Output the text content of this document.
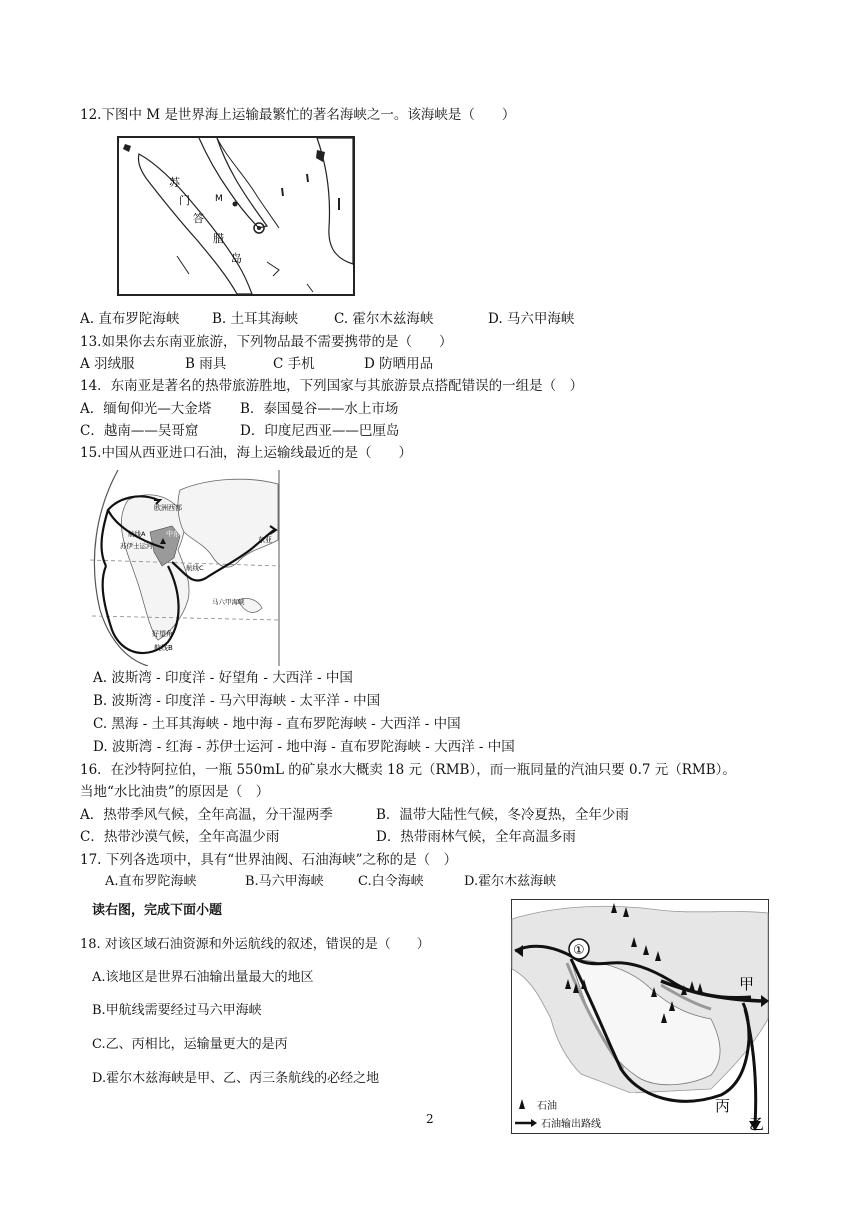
12.下图中 M 是世界海上运输最繁忙的著名海峡之一。该海峡是（　　）
M
苏
门
答
腊
岛
A. 直布罗陀海峡 B. 土耳其海峡	C. 霍尔木兹海峡	D. 马六甲海峡
13.如果你去东南亚旅游，下列物品最不需要携带的是（　　）
A 羽绒服	B 雨具	C 手机	D 防晒用品
14．东南亚是著名的热带旅游胜地，下列国家与其旅游景点搭配错误的一组是（　）
A．缅甸仰光—大金塔 B．泰国曼谷——水上市场
C．越南——吴哥窟	D．印度尼西亚——巴厘岛
15.中国从西亚进口石油，海上运输线最近的是（　　）
欧洲西部
航线A
苏伊士运河
中东
东亚
航线C
马六甲海峡
好望角
航线B
A. 波斯湾 - 印度洋 - 好望角 - 大西洋 - 中国
B. 波斯湾 - 印度洋 - 马六甲海峡 - 太平洋 - 中国
C. 黑海 - 土耳其海峡 - 地中海 - 直布罗陀海峡 - 大西洋 - 中国
D. 波斯湾 - 红海 - 苏伊士运河 - 地中海 - 直布罗陀海峡 - 大西洋 - 中国
16．在沙特阿拉伯，一瓶 550mL 的矿泉水大概卖 18 元（RMB），而一瓶同量的汽油只要 0.7 元（RMB）。
当地“水比油贵”的原因是（　）
A．热带季风气候，全年高温，分干湿两季	B．温带大陆性气候，冬冷夏热，全年少雨
C．热带沙漠气候，全年高温少雨	D．热带雨林气候，全年高温多雨
17. 下列各选项中，具有“世界油阀、石油海峡”之称的是（　）
A.直布罗陀海峡	B.马六甲海峡	C.白令海峡	D.霍尔木兹海峡
读右图，完成下面小题
18. 对该区域石油资源和外运航线的叙述，错误的是（　　）
A.该地区是世界石油输出量最大的地区
B.甲航线需要经过马六甲海峡
C.乙、丙相比，运输量更大的是丙
D.霍尔木兹海峡是甲、乙、丙三条航线的必经之地
①
甲
丙
乙
石油
石油输出路线
2
